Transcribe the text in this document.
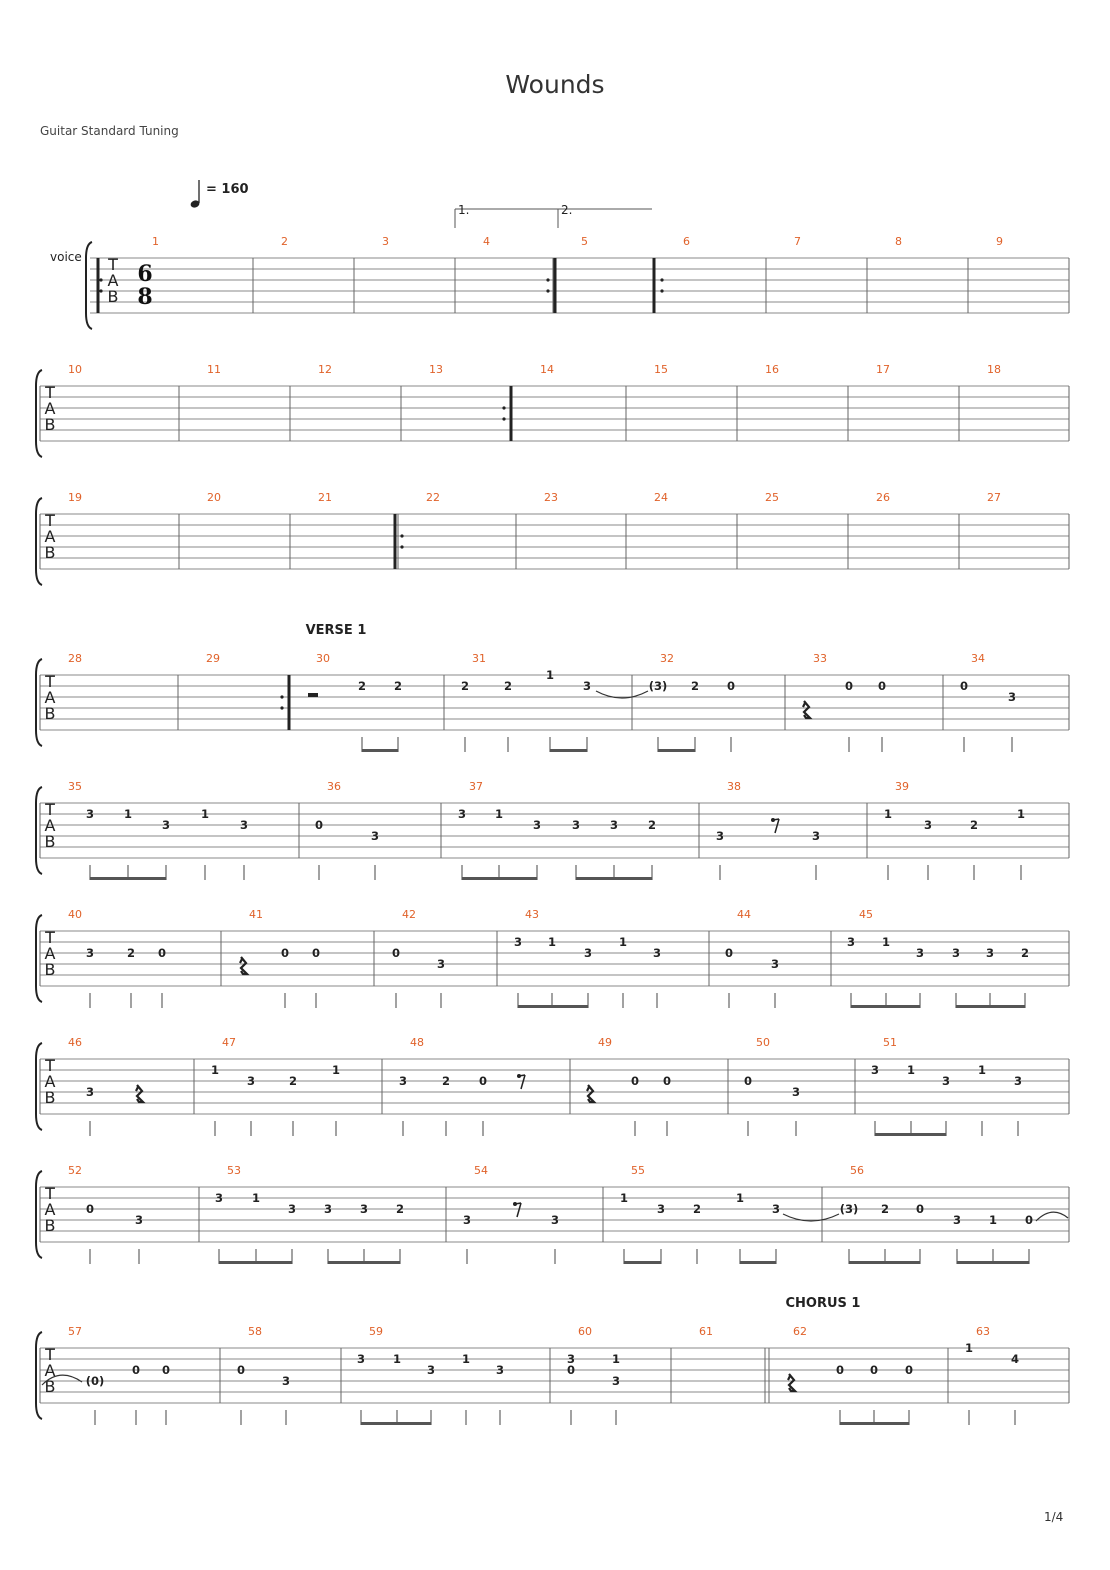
Wounds
Guitar Standard Tuning
1/4
T
A
B
1	2	3	4	5	6	7	8	9
T
A
B
10	11	12	13	14	15	16	17	18
T
A
B
19	20	21	22	23	24	25	26	27
T
A
B
28	29	30	31	32	33	34
T
A
B
35	36	37	38	39
T
A
B
40	41	42	43	44	45
T
A
B
46	47	48	49	50	51
T
A
B
52	53	54	55	56
T
A
B
57	58	59	60	61	62	63
6
8
1.	2.
= 160
voice
VERSE 1
CHORUS 1
2 2	2	2
1
3	(3) 2 0	0 0	0
3
3	1
3
1
3	0
3
3	1
3	3	3	2
3	3
1
3	2
1
3	2 0	0 0	0
3
3 1
3
1
3	0
3
3 1
3 3 3 2
3
1
3	2
1
3	2	0	0 0	0
3
3 1
3
1
3
0
3
3	1
3 3 3 2
3	3
1
3 2
1
3	(3) 2 0
3 1 0
(0)
0 0	0
3
3 1
3
1
3
3	1
0
3
0 0 0
1
4
